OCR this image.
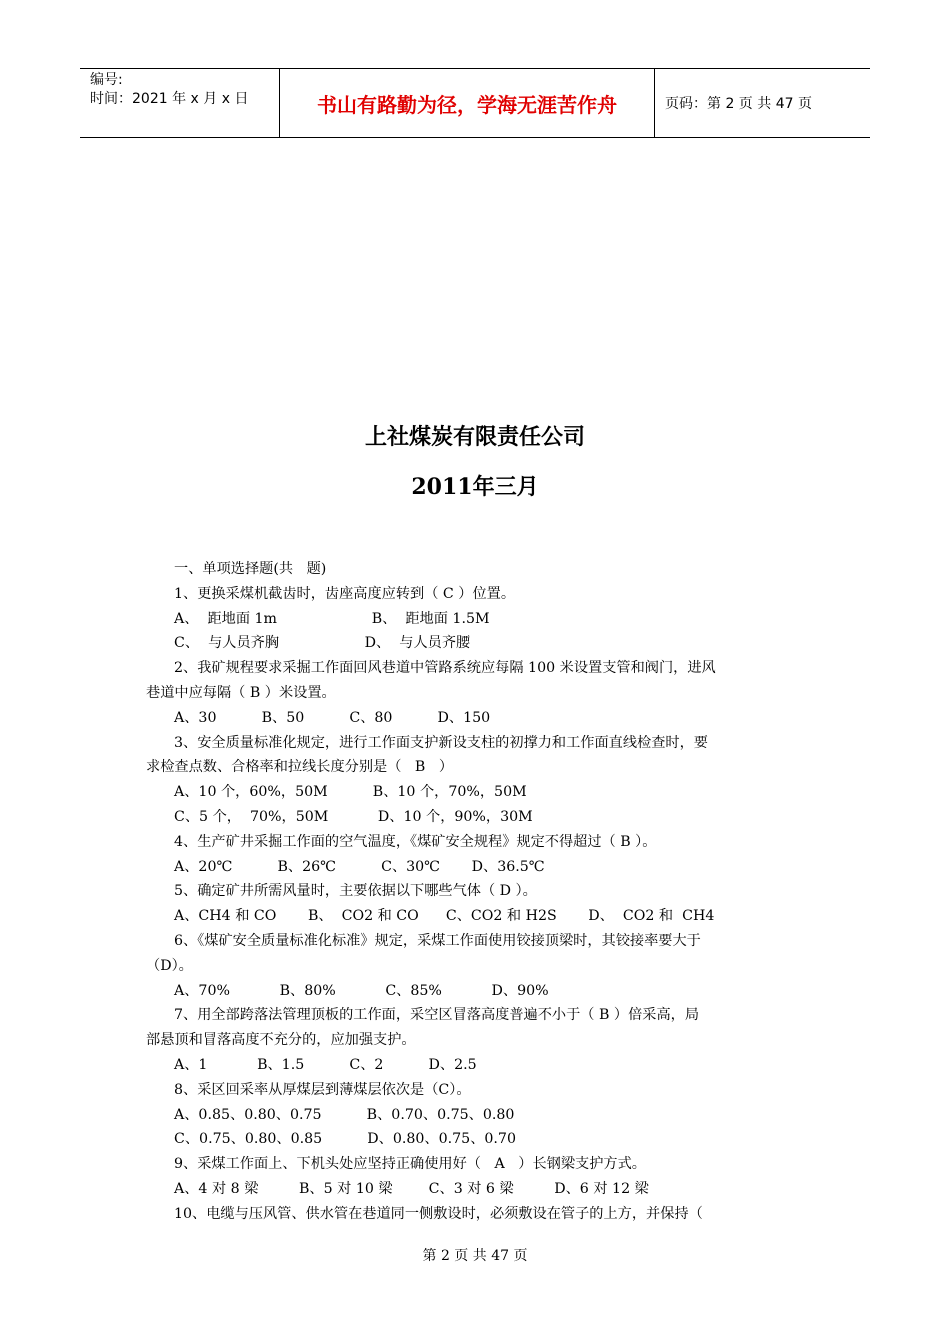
编号:
时间：2021 年 x 月 x 日	书山有路勤为径，学海无涯苦作舟	页码：第 2 页 共 47 页
上社煤炭有限责任公司
2011年三月

一、单项选择题(共   题)

1、更换采煤机截齿时，齿座高度应转到（ C ）位置。

A、  距地面 1m                     B、  距地面 1.5M

C、  与人员齐胸                   D、  与人员齐腰

2、我矿规程要求采掘工作面回风巷道中管路系统应每隔 100 米设置支管和阀门，进风

巷道中应每隔（ B ）米设置。

A、30          B、50          C、80          D、150

3、安全质量标准化规定，进行工作面支护新设支柱的初撑力和工作面直线检查时，要

求检查点数、合格率和拉线长度分别是（   B   ）

A、10 个，60%，50M          B、10 个，70%，50M

C、5 个，  70%，50M           D、10 个，90%，30M

4、生产矿井采掘工作面的空气温度，《煤矿安全规程》规定不得超过（ B ）。

A、20℃          B、26℃          C、30℃       D、36.5℃

5、确定矿井所需风量时，主要依据以下哪些气体（ D ）。

A、CH4 和 CO       B、  CO2 和 CO      C、CO2 和 H2S       D、  CO2 和  CH4

6、《煤矿安全质量标准化标准》规定，采煤工作面使用铰接顶梁时，其铰接率要大于

（D）。

A、70%           B、80%           C、85%           D、90%

7、用全部跨落法管理顶板的工作面，采空区冒落高度普遍不小于（ B ）倍采高，局

部悬顶和冒落高度不充分的，应加强支护。

A、1           B、1.5          C、2          D、2.5

8、采区回采率从厚煤层到薄煤层依次是（C）。

A、0.85、0.80、0.75          B、0.70、0.75、0.80

C、0.75、0.80、0.85          D、0.80、0.75、0.70

9、采煤工作面上、下机头处应坚持正确使用好（   A   ）长钢梁支护方式。

A、4 对 8 梁         B、5 对 10 梁        C、3 对 6 梁         D、6 对 12 梁

10、电缆与压风管、供水管在巷道同一侧敷设时，必须敷设在管子的上方，并保持（

第 2 页 共 47 页
